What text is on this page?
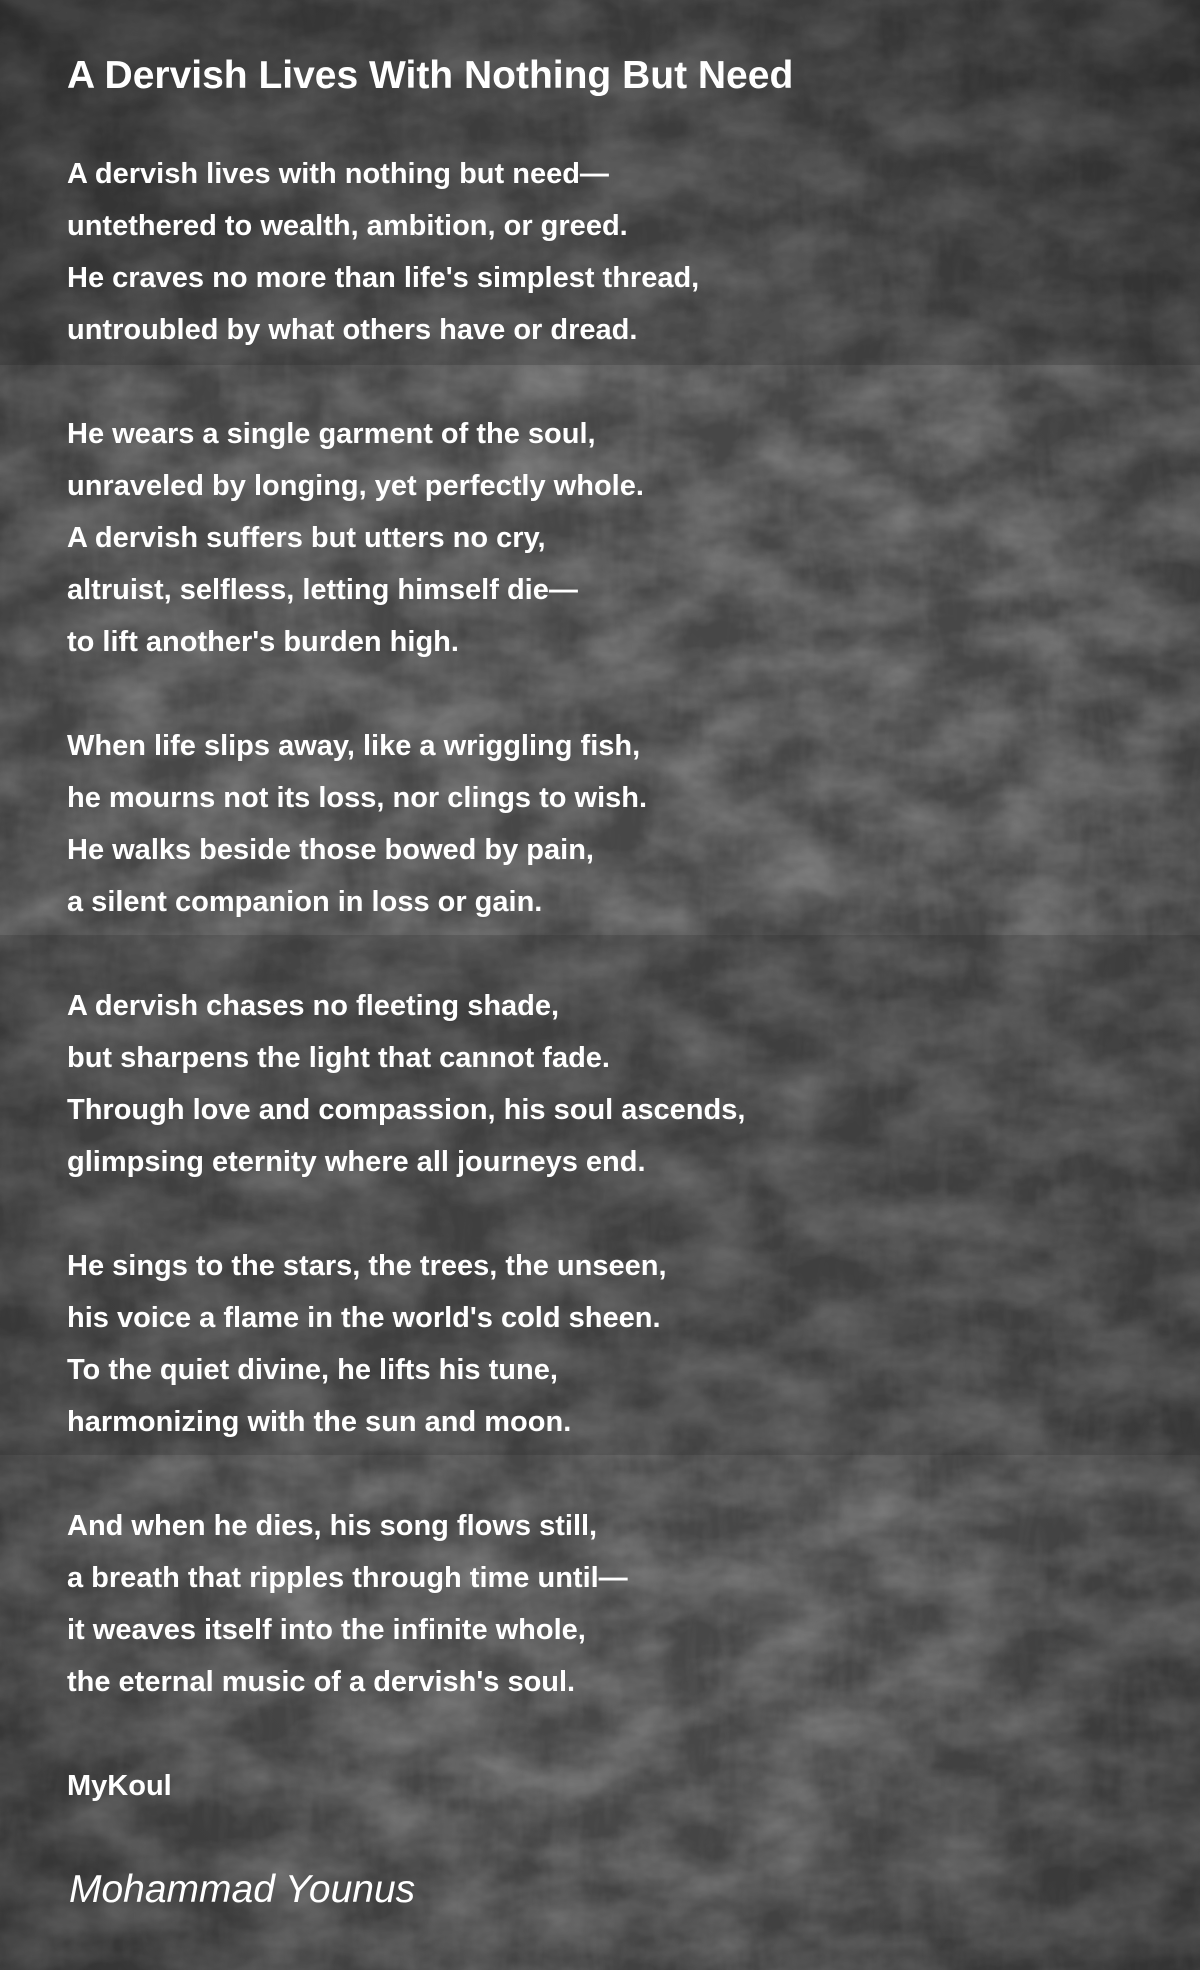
A Dervish Lives With Nothing But Need
A dervish lives with nothing but need—
untethered to wealth, ambition, or greed.
He craves no more than life's simplest thread,
untroubled by what others have or dread.
He wears a single garment of the soul,
unraveled by longing, yet perfectly whole.
A dervish suffers but utters no cry,
altruist, selfless, letting himself die—
to lift another's burden high.
When life slips away, like a wriggling fish,
he mourns not its loss, nor clings to wish.
He walks beside those bowed by pain,
a silent companion in loss or gain.
A dervish chases no fleeting shade,
but sharpens the light that cannot fade.
Through love and compassion, his soul ascends,
glimpsing eternity where all journeys end.
He sings to the stars, the trees, the unseen,
his voice a flame in the world's cold sheen.
To the quiet divine, he lifts his tune,
harmonizing with the sun and moon.
And when he dies, his song flows still,
a breath that ripples through time until—
it weaves itself into the infinite whole,
the eternal music of a dervish's soul.
MyKoul
Mohammad Younus
